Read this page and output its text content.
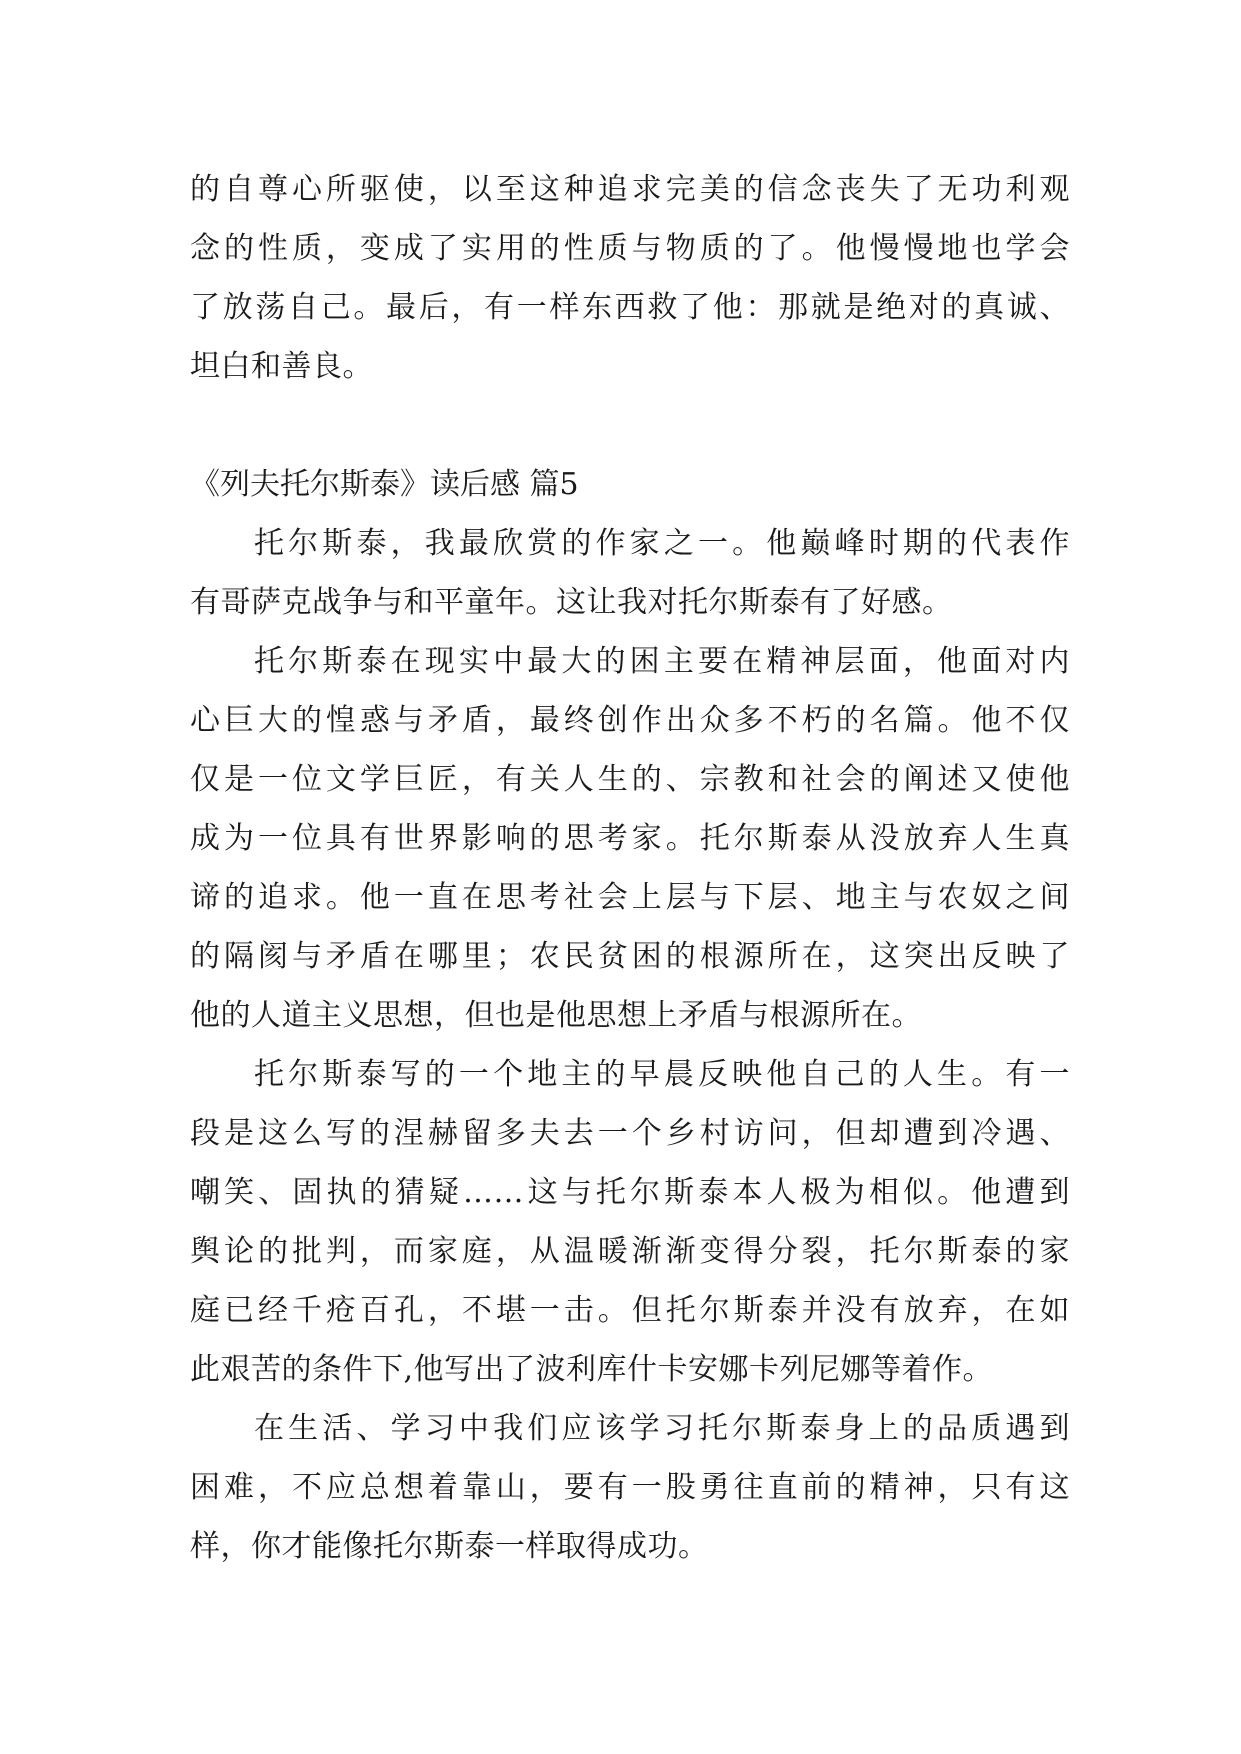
的自尊心所驱使，以至这种追求完美的信念丧失了无功利观
念的性质，变成了实用的性质与物质的了。他慢慢地也学会
了放荡自己。最后，有一样东西救了他：那就是绝对的真诚、
坦白和善良。
《列夫托尔斯泰》读后感 篇5
托尔斯泰，我最欣赏的作家之一。他巅峰时期的代表作
有哥萨克战争与和平童年。这让我对托尔斯泰有了好感。
托尔斯泰在现实中最大的困主要在精神层面，他面对内
心巨大的惶惑与矛盾，最终创作出众多不朽的名篇。他不仅
仅是一位文学巨匠，有关人生的、宗教和社会的阐述又使他
成为一位具有世界影响的思考家。托尔斯泰从没放弃人生真
谛的追求。他一直在思考社会上层与下层、地主与农奴之间
的隔阂与矛盾在哪里；农民贫困的根源所在，这突出反映了
他的人道主义思想，但也是他思想上矛盾与根源所在。
托尔斯泰写的一个地主的早晨反映他自己的人生。有一
段是这么写的涅赫留多夫去一个乡村访问，但却遭到冷遇、
嘲笑、固执的猜疑……这与托尔斯泰本人极为相似。他遭到
舆论的批判，而家庭，从温暖渐渐变得分裂，托尔斯泰的家
庭已经千疮百孔，不堪一击。但托尔斯泰并没有放弃，在如
此艰苦的条件下,他写出了波利库什卡安娜卡列尼娜等着作。
在生活、学习中我们应该学习托尔斯泰身上的品质遇到
困难，不应总想着靠山，要有一股勇往直前的精神，只有这
样，你才能像托尔斯泰一样取得成功。
